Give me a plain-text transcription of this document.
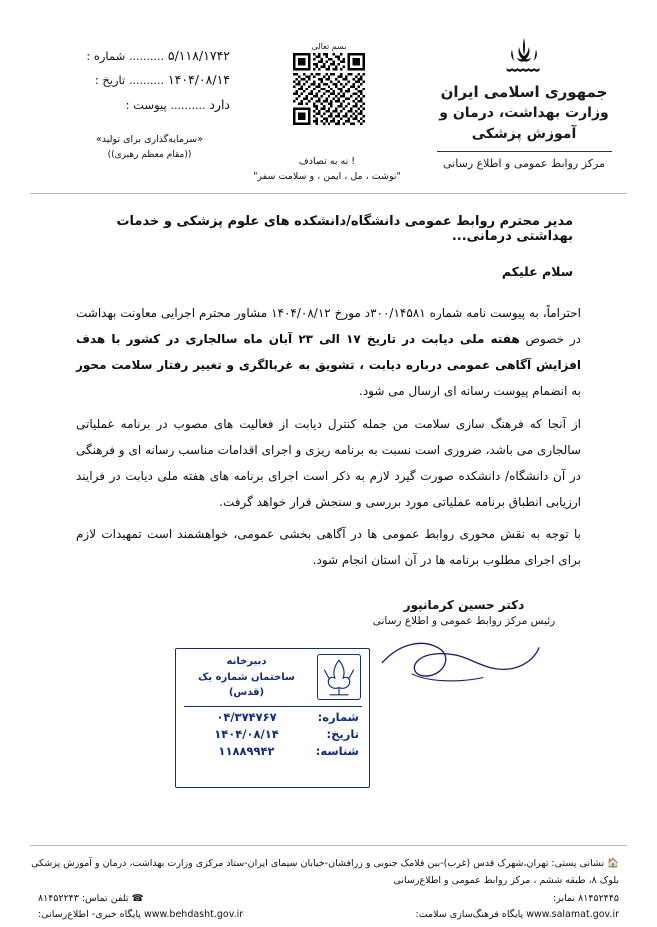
جمهوری اسلامی ایران
وزارت بهداشت، درمان و آموزش پزشکی
مرکز روابط عمومی و اطلاع رسانی
بسم تعالی
۵/۱۱۸/۱۷۴۲ .......... شماره :
۱۴۰۴/۰۸/۱۴ .......... تاریخ :
دارد .......... پیوست :
«سرمایه‌گذاری برای تولید»
((مقام معظم رهبری))
! نه به تصادف
"نوشت ، مل ، ایمن ، و سلامت سفر"
مدیر محترم روابط عمومی دانشگاه/دانشکده های علوم پزشکی و خدمات بهداشتی درمانی...
سلام علیکم

احتراماً، به پیوست نامه شماره ۳۰۰/۱۴۵۸۱د مورخ ۱۴۰۴/۰۸/۱۲ مشاور محترم اجرایی معاونت بهداشت در خصوص هفته ملی دیابت در تاریخ ۱۷ الی ۲۳ آبان ماه سالجاری در کشور با هدف افزایش آگاهی عمومی درباره دیابت ، تشویق به غربالگری و تغییر رفتار سلامت محور به انضمام پیوست رسانه ای ارسال می شود.

از آنجا که فرهنگ سازی سلامت من جمله کنترل دیابت از فعالیت های مصوب در برنامه عملیاتی سالجاری می باشد، ضروری است نسبت به برنامه ریزی و اجرای اقدامات مناسب رسانه ای و فرهنگی در آن دانشگاه/ دانشکده صورت گیرد لازم به ذکر است اجرای برنامه های هفته ملی دیابت در فرایند ارزیابی انطباق برنامه عملیاتی مورد بررسی و سنجش قرار خواهد گرفت.

با توجه به نقش محوری روابط عمومی ها در آگاهی بخشی عمومی، خواهشمند است تمهیدات لازم برای اجرای مطلوب برنامه ها در آن استان انجام شود.

دکتر حسین کرمانپور
رئیس مرکز روابط عمومی و اطلاع رسانی
دبیرخانه
ساختمان شماره یک
(قدس)
شماره:
۰۴/۳۷۴۷۶۷
تاریخ:
۱۴۰۴/۰۸/۱۴
شناسه:
۱۱۸۸۹۹۴۲
🏠 نشانی پستی: تهران،شهرک قدس (غرب)-بین فلامک جنوبی و زرافشان-خیابان سیمای ایران-ستاد مرکزی وزارت بهداشت، درمان و آموزش پزشکی بلوک ۸، طبقه ششم ، مرکز روابط عمومی و اطلاع‌رسانی
۸۱۴۵۲۴۴۵ نمابر:
☎ تلفن تماس: ۸۱۴۵۲۲۴۳
www.salamat.gov.ir پایگاه فرهنگ‌سازی سلامت:
www.behdasht.gov.ir پایگاه خبری- اطلاع‌رسانی:
